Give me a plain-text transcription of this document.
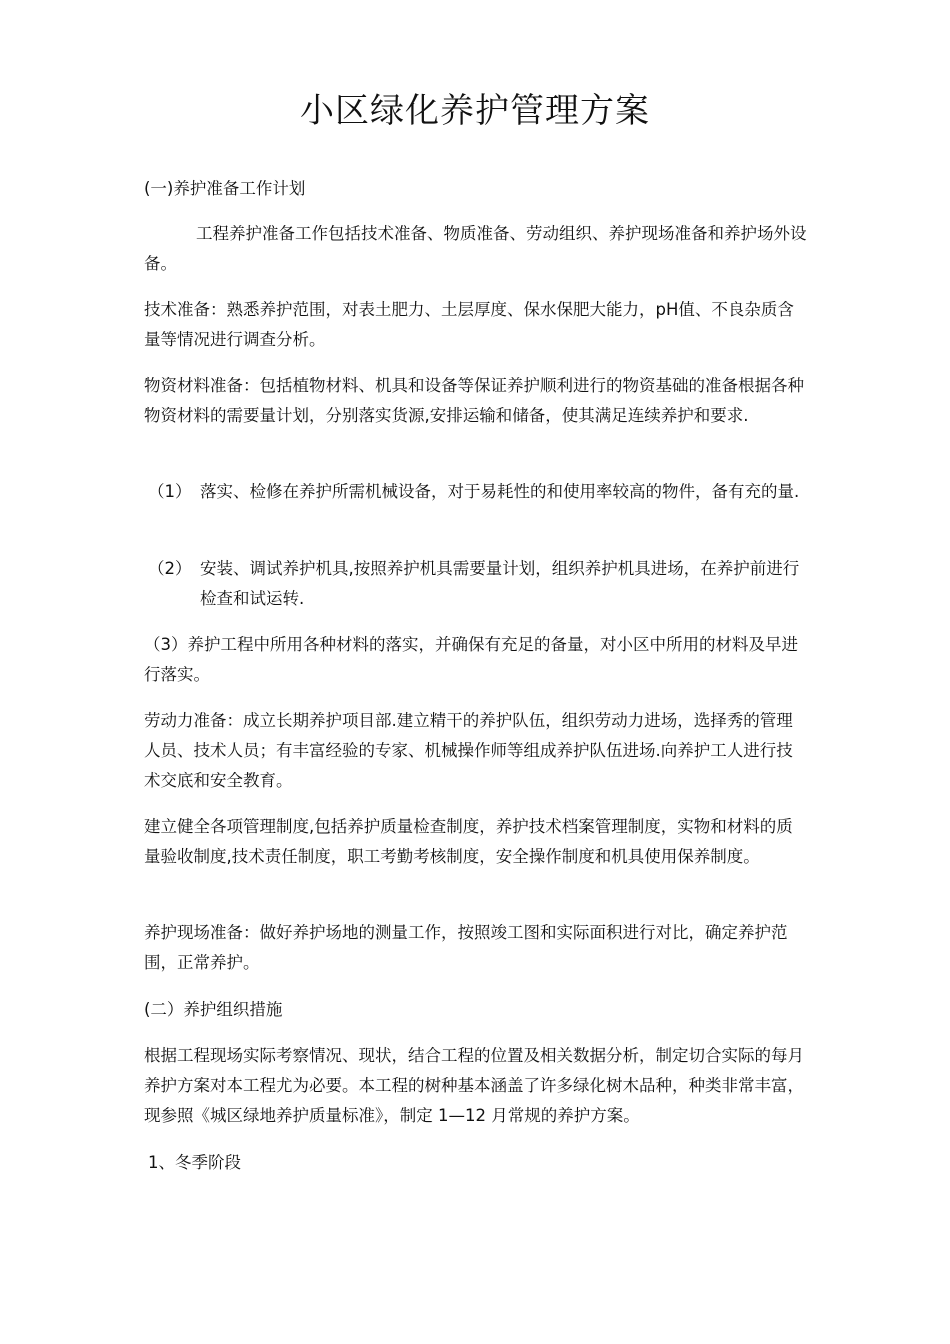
小区绿化养护管理方案

(一)养护准备工作计划

工程养护准备工作包括技术准备、物质准备、劳动组织、养护现场准备和养护场外设备。

技术准备：熟悉养护范围，对表土肥力、土层厚度、保水保肥大能力，pH值、不良杂质含量等情况进行调查分析。

物资材料准备：包括植物材料、机具和设备等保证养护顺利进行的物资基础的准备根据各种物资材料的需要量计划，分别落实货源,安排运输和储备，使其满足连续养护和要求.

（1） 落实、检修在养护所需机械设备，对于易耗性的和使用率较高的物件，备有充的量.
（2） 安装、调试养护机具,按照养护机具需要量计划，组织养护机具进场，在养护前进行检查和试运转.

（3）养护工程中所用各种材料的落实，并确保有充足的备量，对小区中所用的材料及早进行落实。

劳动力准备：成立长期养护项目部.建立精干的养护队伍，组织劳动力进场，选择秀的管理人员、技术人员；有丰富经验的专家、机械操作师等组成养护队伍进场.向养护工人进行技术交底和安全教育。

建立健全各项管理制度,包括养护质量检查制度，养护技术档案管理制度，实物和材料的质量验收制度,技术责任制度，职工考勤考核制度，安全操作制度和机具使用保养制度。

养护现场准备：做好养护场地的测量工作，按照竣工图和实际面积进行对比，确定养护范围，正常养护。

(二）养护组织措施

根据工程现场实际考察情况、现状，结合工程的位置及相关数据分析，制定切合实际的每月养护方案对本工程尤为必要。本工程的树种基本涵盖了许多绿化树木品种，种类非常丰富，现参照《城区绿地养护质量标准》，制定 1—12 月常规的养护方案。

1、冬季阶段
